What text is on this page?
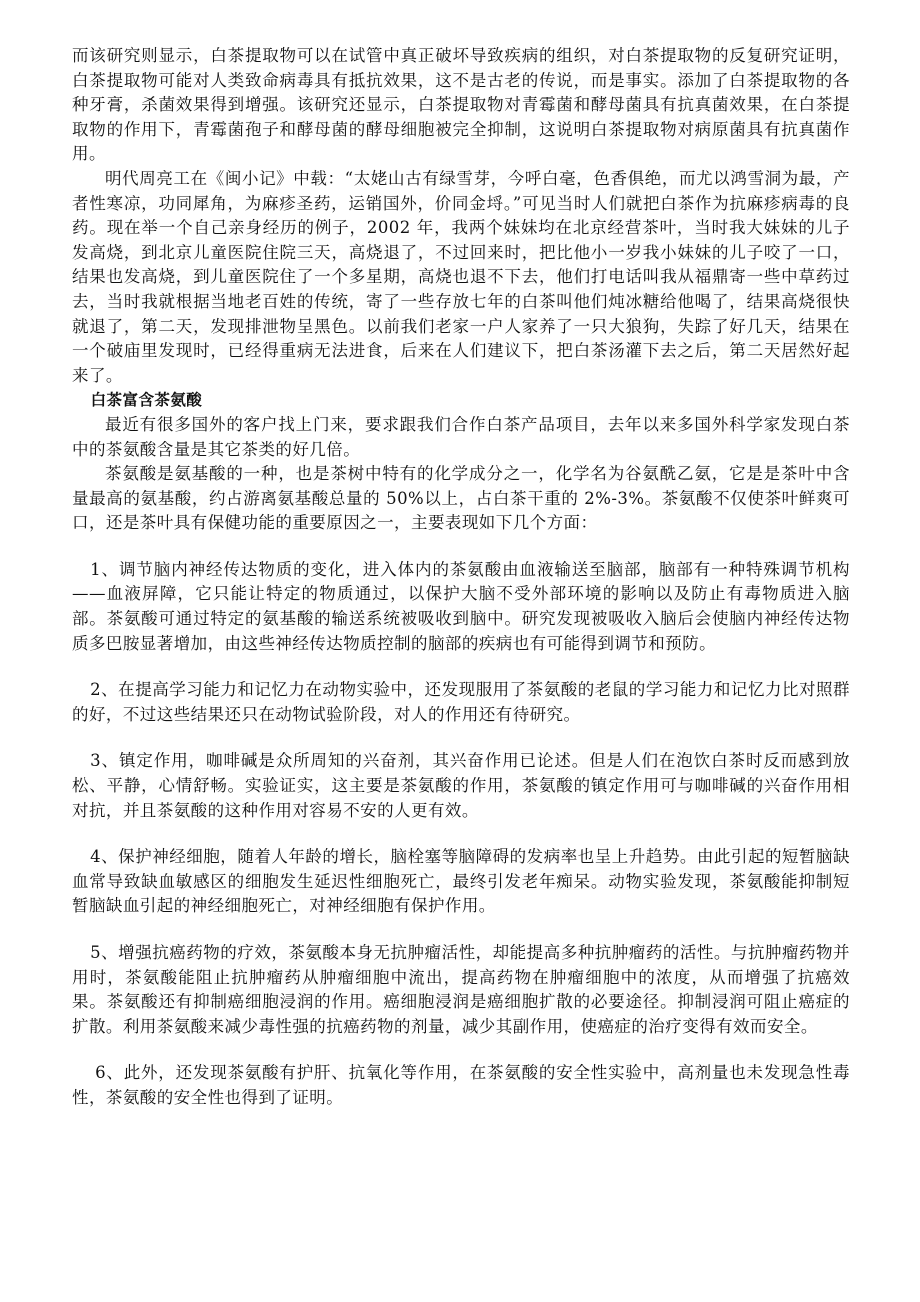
而该研究则显示，白茶提取物可以在试管中真正破坏导致疾病的组织，对白茶提取物的反复研究证明，白茶提取物可能对人类致命病毒具有抵抗效果，这不是古老的传说，而是事实。添加了白茶提取物的各种牙膏，杀菌效果得到增强。该研究还显示，白茶提取物对青霉菌和酵母菌具有抗真菌效果，在白茶提取物的作用下，青霉菌孢子和酵母菌的酵母细胞被完全抑制，这说明白茶提取物对病原菌具有抗真菌作用。

明代周亮工在《闽小记》中载：“太姥山古有绿雪芽，今呼白毫，色香俱绝，而尤以鸿雪洞为最，产者性寒凉，功同犀角，为麻疹圣药，运销国外，价同金埒。”可见当时人们就把白茶作为抗麻疹病毒的良药。现在举一个自己亲身经历的例子，2002 年，我两个妹妹均在北京经营茶叶，当时我大妹妹的儿子发高烧，到北京儿童医院住院三天，高烧退了，不过回来时，把比他小一岁我小妹妹的儿子咬了一口，结果也发高烧，到儿童医院住了一个多星期，高烧也退不下去，他们打电话叫我从福鼎寄一些中草药过去，当时我就根据当地老百姓的传统，寄了一些存放七年的白茶叫他们炖冰糖给他喝了，结果高烧很快就退了，第二天，发现排泄物呈黑色。以前我们老家一户人家养了一只大狼狗，失踪了好几天，结果在一个破庙里发现时，已经得重病无法进食，后来在人们建议下，把白茶汤灌下去之后，第二天居然好起来了。

白茶富含茶氨酸

最近有很多国外的客户找上门来，要求跟我们合作白茶产品项目，去年以来多国外科学家发现白茶中的茶氨酸含量是其它茶类的好几倍。

茶氨酸是氨基酸的一种，也是茶树中特有的化学成分之一，化学名为谷氨酰乙氨，它是是茶叶中含量最高的氨基酸，约占游离氨基酸总量的 50%以上，占白茶干重的 2%-3%。茶氨酸不仅使茶叶鲜爽可口，还是茶叶具有保健功能的重要原因之一，主要表现如下几个方面：

1、调节脑内神经传达物质的变化，进入体内的茶氨酸由血液输送至脑部，脑部有一种特殊调节机构——血液屏障，它只能让特定的物质通过，以保护大脑不受外部环境的影响以及防止有毒物质进入脑部。茶氨酸可通过特定的氨基酸的输送系统被吸收到脑中。研究发现被吸收入脑后会使脑内神经传达物质多巴胺显著增加，由这些神经传达物质控制的脑部的疾病也有可能得到调节和预防。

2、在提高学习能力和记忆力在动物实验中，还发现服用了茶氨酸的老鼠的学习能力和记忆力比对照群的好，不过这些结果还只在动物试验阶段，对人的作用还有待研究。

3、镇定作用，咖啡碱是众所周知的兴奋剂，其兴奋作用已论述。但是人们在泡饮白茶时反而感到放松、平静，心情舒畅。实验证实，这主要是茶氨酸的作用，茶氨酸的镇定作用可与咖啡碱的兴奋作用相对抗，并且茶氨酸的这种作用对容易不安的人更有效。

4、保护神经细胞，随着人年龄的增长，脑栓塞等脑障碍的发病率也呈上升趋势。由此引起的短暂脑缺血常导致缺血敏感区的细胞发生延迟性细胞死亡，最终引发老年痴呆。动物实验发现，茶氨酸能抑制短暂脑缺血引起的神经细胞死亡，对神经细胞有保护作用。

5、增强抗癌药物的疗效，茶氨酸本身无抗肿瘤活性，却能提高多种抗肿瘤药的活性。与抗肿瘤药物并用时，茶氨酸能阻止抗肿瘤药从肿瘤细胞中流出，提高药物在肿瘤细胞中的浓度，从而增强了抗癌效果。茶氨酸还有抑制癌细胞浸润的作用。癌细胞浸润是癌细胞扩散的必要途径。抑制浸润可阻止癌症的扩散。利用茶氨酸来减少毒性强的抗癌药物的剂量，减少其副作用，使癌症的治疗变得有效而安全。

6、此外，还发现茶氨酸有护肝、抗氧化等作用，在茶氨酸的安全性实验中，高剂量也未发现急性毒性，茶氨酸的安全性也得到了证明。
